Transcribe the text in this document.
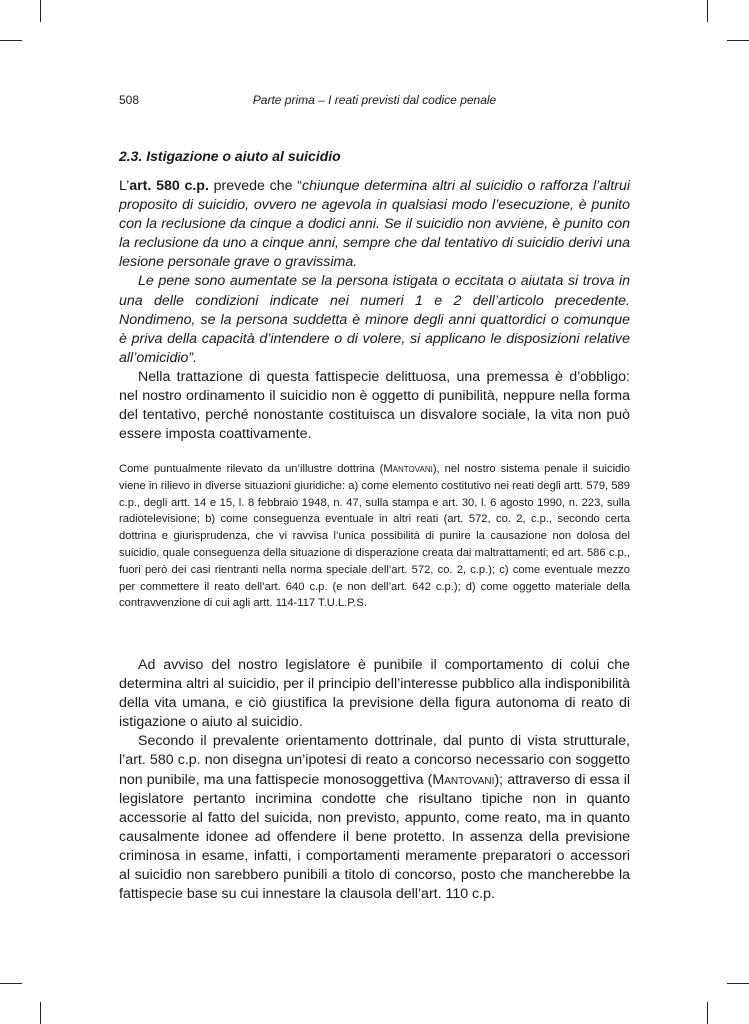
508	Parte prima – I reati previsti dal codice penale
2.3. Istigazione o aiuto al suicidio

L’art. 580 c.p. prevede che “chiunque determina altri al suicidio o rafforza l’altrui proposito di suicidio, ovvero ne agevola in qualsiasi modo l’esecuzione, è punito con la reclusione da cinque a dodici anni. Se il suicidio non avviene, è punito con la reclusione da uno a cinque anni, sempre che dal tentativo di suicidio derivi una lesione personale grave o gravissima.

Le pene sono aumentate se la persona istigata o eccitata o aiutata si trova in una delle condizioni indicate nei numeri 1 e 2 dell’articolo precedente. Nondimeno, se la persona suddetta è minore degli anni quattordici o comunque è priva della capacità d’intendere o di volere, si applicano le disposizioni relative all’omicidio”.

Nella trattazione di questa fattispecie delittuosa, una premessa è d’obbligo: nel nostro ordinamento il suicidio non è oggetto di punibilità, neppure nella forma del tentativo, perché nonostante costituisca un disvalore sociale, la vita non può essere imposta coattivamente.

Come puntualmente rilevato da un’illustre dottrina (Mantovani), nel nostro sistema penale il suicidio viene in rilievo in diverse situazioni giuridiche: a) come elemento costitutivo nei reati degli artt. 579, 589 c.p., degli artt. 14 e 15, l. 8 febbraio 1948, n. 47, sulla stampa e art. 30, l. 6 agosto 1990, n. 223, sulla radiotelevisione; b) come conseguenza eventuale in altri reati (art. 572, co. 2, c.p., secondo certa dottrina e giurisprudenza, che vi ravvisa l’unica possibilità di punire la causazione non dolosa del suicidio, quale conseguenza della situazione di disperazione creata dai maltrattamenti; ed art. 586 c.p., fuori però dei casi rientranti nella norma speciale dell’art. 572, co. 2, c.p.); c) come eventuale mezzo per commettere il reato dell’art. 640 c.p. (e non dell’art. 642 c.p.); d) come oggetto materiale della contravvenzione di cui agli artt. 114-117 T.U.L.P.S.

Ad avviso del nostro legislatore è punibile il comportamento di colui che determina altri al suicidio, per il principio dell’interesse pubblico alla indisponibilità della vita umana, e ciò giustifica la previsione della figura autonoma di reato di istigazione o aiuto al suicidio.

Secondo il prevalente orientamento dottrinale, dal punto di vista strutturale, l’art. 580 c.p. non disegna un’ipotesi di reato a concorso necessario con soggetto non punibile, ma una fattispecie monosoggettiva (Mantovani); attraverso di essa il legislatore pertanto incrimina condotte che risultano tipiche non in quanto accessorie al fatto del suicida, non previsto, appunto, come reato, ma in quanto causalmente idonee ad offendere il bene protetto. In assenza della previsione criminosa in esame, infatti, i comportamenti meramente preparatori o accessori al suicidio non sarebbero punibili a titolo di concorso, posto che mancherebbe la fattispecie base su cui innestare la clausola dell’art. 110 c.p.
